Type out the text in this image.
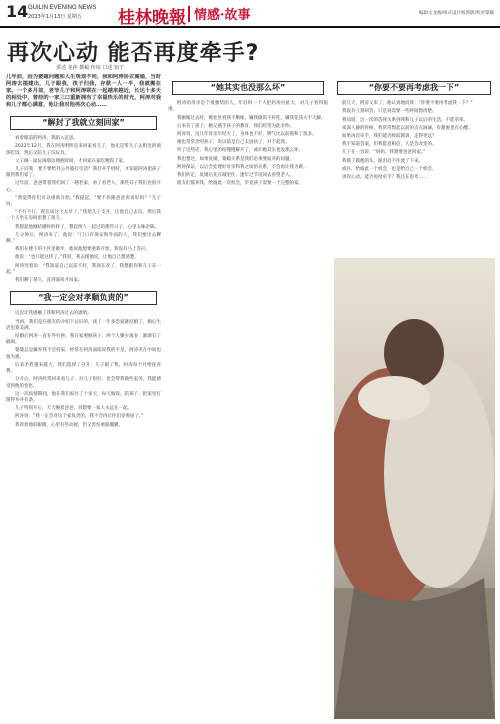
14 GUILIN EVENING NEWS
2023年1月13日 星期五 桂林晚報 情感·故事	编辑文龙梅/组式设计杨郭蔚/校对覃敏
再次心动 能否再度牵手?
讲述 龙萍 撰稿 传琼 口述 知子
几年前，因为婆媳问题和人生规划不同，我和阿涛协议离婚，当时阿涛去福建出，儿子跟我，孩子归我，存款一人一半，我就搬在家。一个多月前，老爷儿子和阿涛联在一起越来越近，长达十多天的相处中，曾经的一家三口重新拥有了幸福快乐的时光，阿涛对我和儿子都心满意，他让我对他再次心动……
“解封了我就立刻回家”
看着眼前的阿涛，我陷入沉思。
2022年12月，我在阿涛明明是来回家看儿子，他先是带儿子去附近的商场吃饭，然后又陪儿子玩玩具。
父子俩一面玩闹那边拥抱时间，才回家在家吃晚饭了家。
儿子问我：要不要给外公外婆打电话？我打开手机时，才知道阿涛把孩子跟到我们家了。
过年前，爸爸带着我们回了一趟老家，看了看老人，那些日子我们也很开心。
“我觉得你们可以重新开始。”我提起，“要不你跟爸爸说说好吗？”儿子问。
“不行不行，现在谈这个太早了。”我把儿子支开，让他自己去玩，然后我一个人坐在房间里想了很久。
我想起他刚结婚时的样子，想起两人一起过的那些日子，心里五味杂陈。
几分钟后，阿涛来了，他说：“门口有保安和外面的人，我们要出去聊聊。”
我们在楼下的小区里散步，他说他想要重新开始，我没有马上答应。
他说：“也只能这样了。”我说，我去跟他说，让他自己想清楚。
阿涛哭着说：“我知道自己以前不好，我现在改了，我想跟你和儿子在一起。”
我们聊了很久，直到深夜才回家。
“我一定会对孝顺负责的”
这次让我感触了我和阿涛过去的感情。
当初，我们是在朋友的介绍下认识的，谈了一年多恋爱就结婚了，婚后生活也算美满。
结婚后阿涛一直在外打拼，我在家照顾孩子，两个人聚少离多，渐渐有了隔阂。
婆婆总是嫌弃我不会持家，经常在阿涛面前说我的不是，阿涛夹在中间也很为难。
后来矛盾越来越大，我们选择了分开，儿子跟了我，阿涛每个月给抚养费。
分开后，阿涛经常回来看儿子，对儿子很好，也会帮我做些家务，我能感受到他的变化。
这一次疫情期间，他在我们家住了十多天，每天做饭、陪孩子，把家里打理得井井有条。
儿子特别开心，天天缠着爸爸，说想要一家人永远在一起。
阿涛说：“我一定会对这个家负责的，我不会再让你们受委屈了。”
我看着他的眼睛，心里有些动摇，但又害怕重蹈覆辙。
“她其实也没那么坏”
阿涛的母亲是个很强势的人，年轻时一个人把阿涛拉扯大，对儿子看得很重。
我刚嫁过去时，她处处看我不顺眼，嫌我做饭不好吃，嫌我花钱大手大脚。
后来有了孩子，她又插手孩子的教育，我们经常为此争吵。
阿涛说，这几年母亲年纪大了，身体也不好，脾气比以前缓和了很多。
她也常常念叨孙子，说以前是自己太固执了，对不起我。
听了这些话，我心里的结慢慢解开了，或许她其实也没那么坏。
我也想过，如果复婚，婆媳关系是我们必须要面对的问题。
阿涛保证，以后会处理好母亲和我之间的关系，不会再让我为难。
我们约定，复婚后先在城里住，逢年过节再回去看望老人。
朋友们都劝我，给彼此一次机会，毕竟孩子需要一个完整的家。
“你要不要再考虑我一下”
前几天，阿涛又来了，他认真地问我：“你要不要再考虑我一下？”
我没有立刻回答，只是说需要一些时间想清楚。
我知道，这一次的选择关系到我和儿子以后的生活，不能草率。
夜深人静的时候，我常常想起以前的点点滴滴，有甜蜜也有心酸。
如果再次牵手，我们能否吸取教训，走得更远？
我不知道答案，但我愿意相信，人是会改变的。
儿子在一旁说：“妈妈，我想要爸爸回家。”
我摸了摸他的头，眼泪忍不住流了下来。
或许，给彼此一个机会，也是给自己一个机会。
再次心动，能否再度牵手？我还在思考……
